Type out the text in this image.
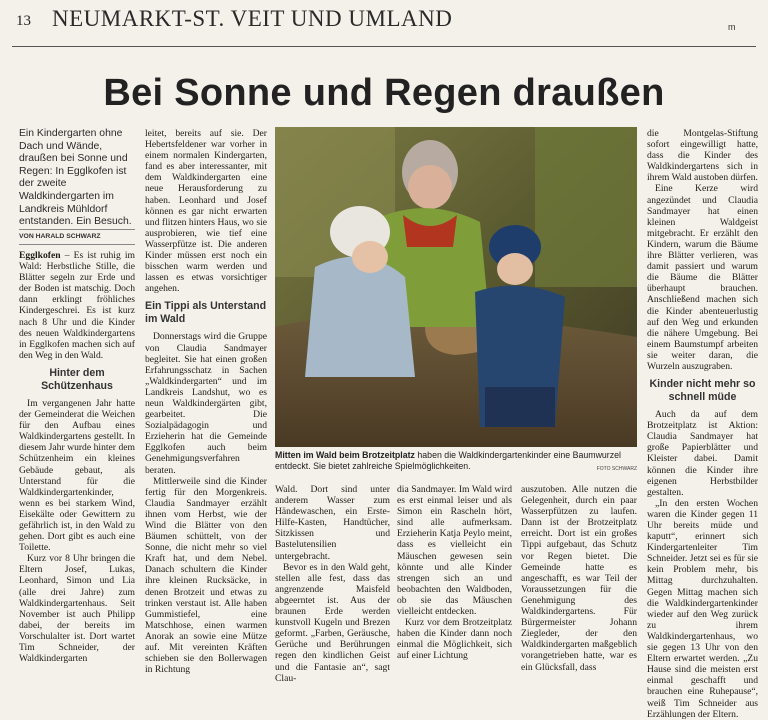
13 NEUMARKT-ST. VEIT UND UMLAND	m
Bei Sonne und Regen draußen
Ein Kindergarten ohne Dach und Wände, draußen bei Sonne und Regen: In Egglkofen ist der zweite Waldkindergarten im Landkreis Mühldorf entstanden. Ein Besuch.
VON HARALD SCHWARZ

Egglkofen – Es ist ruhig im Wald: Herbstliche Stille, die Blätter segeln zur Erde und der Boden ist matschig. Doch dann erklingt fröhliches Kindergeschrei. Es ist kurz nach 8 Uhr und die Kinder des neuen Waldkindergartens in Egglkofen machen sich auf den Weg in den Wald.

Hinter dem Schützenhaus

Im vergangenen Jahr hatte der Gemeinderat die Weichen für den Aufbau eines Waldkindergartens gestellt. In diesem Jahr wurde hinter dem Schützenheim ein kleines Gebäude gebaut, als Unterstand für die Waldkindergartenkinder, wenn es bei starkem Wind, Eisekälte oder Gewittern zu gefährlich ist, in den Wald zu gehen. Dort gibt es auch eine Toilette.

Kurz vor 8 Uhr bringen die Eltern Josef, Lukas, Leonhard, Simon und Lia (alle drei Jahre) zum Waldkindergartenhaus. Seit November ist auch Philipp dabei, der bereits im Vorschulalter ist. Dort wartet Tim Schneider, der Waldkindergarten

leitet, bereits auf sie. Der Hebertsfeldener war vorher in einem normalen Kindergarten, fand es aber interessanter, mit dem Waldkindergarten eine neue Herausforderung zu haben. Leonhard und Josef können es gar nicht erwarten und flitzen hinters Haus, wo sie ausprobieren, wie tief eine Wasserpfütze ist. Die anderen Kinder müssen erst noch ein bisschen warm werden und lassen es etwas vorsichtiger angehen.

Ein Tippi als Unterstand im Wald

Donnerstags wird die Gruppe von Claudia Sandmayer begleitet. Sie hat einen großen Erfahrungsschatz in Sachen „Waldkindergarten“ und im Landkreis Landshut, wo es neun Waldkindergärten gibt, gearbeitet. Die Sozialpädagogin und Erzieherin hat die Gemeinde Egglkofen auch beim Genehmigungsverfahren beraten.

Mittlerweile sind die Kinder fertig für den Morgenkreis. Claudia Sandmayer erzählt ihnen vom Herbst, wie der Wind die Blätter von den Bäumen schüttelt, von der Sonne, die nicht mehr so viel Kraft hat, und dem Nebel. Danach schultern die Kinder ihre kleinen Rucksäcke, in denen Brotzeit und etwas zu trinken verstaut ist. Alle haben Gummistiefel, eine Matschhose, einen warmen Anorak an sowie eine Mütze auf. Mit vereinten Kräften schieben sie den Bollerwagen in Richtung

Mitten im Wald beim Brotzeitplatz haben die Waldkindergartenkinder eine Baumwurzel entdeckt. Sie bietet zahlreiche Spielmöglichkeiten.	FOTO SCHWARZ

Wald. Dort sind unter anderem Wasser zum Händewaschen, ein Erste-Hilfe-Kasten, Handtücher, Sitzkissen und Bastelutensilien untergebracht.

Bevor es in den Wald geht, stellen alle fest, dass das angrenzende Maisfeld abgeerntet ist. Aus der braunen Erde werden kunstvoll Kugeln und Brezen geformt. „Farben, Geräusche, Gerüche und Berührungen regen den kindlichen Geist und die Fantasie an“, sagt Clau-

dia Sandmayer. Im Wald wird es erst einmal leiser und als Simon ein Rascheln hört, sind alle aufmerksam. Erzieherin Katja Peylo meint, dass es vielleicht ein Mäuschen gewesen sein könnte und alle Kinder strengen sich an und beobachten den Waldboden, ob sie das Mäuschen vielleicht entdecken.

Kurz vor dem Brotzeitplatz haben die Kinder dann noch einmal die Möglichkeit, sich auf einer Lichtung

auszutoben. Alle nutzen die Gelegenheit, durch ein paar Wasserpfützen zu laufen. Dann ist der Brotzeitplatz erreicht. Dort ist ein großes Tippi aufgebaut, das Schutz vor Regen bietet. Die Gemeinde hatte es angeschafft, es war Teil der Voraussetzungen für die Genehmigung des Waldkindergartens. Für Bürgermeister Johann Ziegleder, der den Waldkindergarten maßgeblich vorangetrieben hatte, war es ein Glücksfall, dass

die Montgelas-Stiftung sofort eingewilligt hatte, dass die Kinder des Waldkindergartens sich in ihrem Wald austoben dürfen.

Eine Kerze wird angezündet und Claudia Sandmayer hat einen kleinen Waldgeist mitgebracht. Er erzählt den Kindern, warum die Bäume ihre Blätter verlieren, was damit passiert und warum die Bäume die Blätter überhaupt brauchen. Anschließend machen sich die Kinder abenteuerlustig auf den Weg und erkunden die nähere Umgebung. Bei einem Baumstumpf arbeiten sie weiter daran, die Wurzeln auszugraben.

Kinder nicht mehr so schnell müde

Auch da auf dem Brotzeitplatz ist Aktion: Claudia Sandmayer hat große Papierblätter und Kleister dabei. Damit können die Kinder ihre eigenen Herbstbilder gestalten.

„In den ersten Wochen waren die Kinder gegen 11 Uhr bereits müde und kaputt“, erinnert sich Kindergartenleiter Tim Schneider. Jetzt sei es für sie kein Problem mehr, bis Mittag durchzuhalten. Gegen Mittag machen sich die Waldkindergartenkinder wieder auf den Weg zurück zu ihrem Waldkindergartenhaus, wo sie gegen 13 Uhr von den Eltern erwartet werden. „Zu Hause sind die meisten erst einmal geschafft und brauchen eine Ruhepause“, weiß Tim Schneider aus Erzählungen der Eltern.
